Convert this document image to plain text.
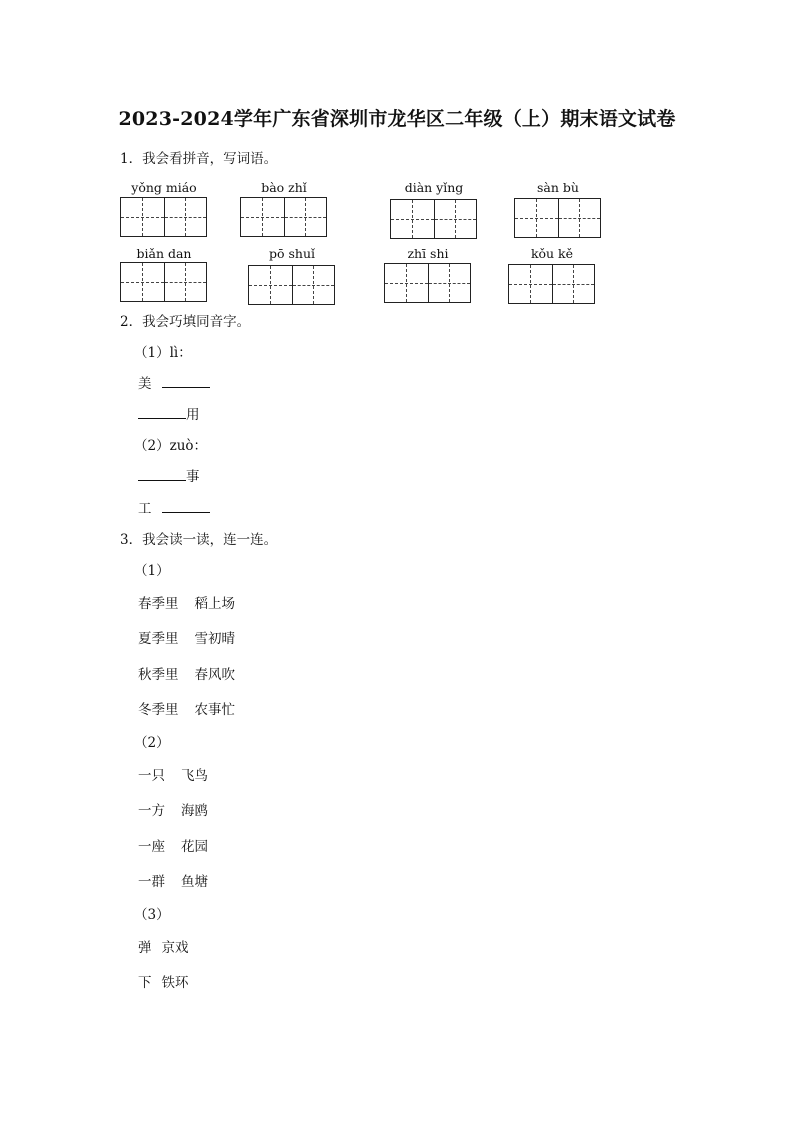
2023-2024学年广东省深圳市龙华区二年级（上）期末语文试卷
1．我会看拼音，写词语。
yǒng miáo	bào zhǐ	diàn yǐng	sàn bù
biǎn dan	pō shuǐ	zhī shi	kǒu kě
2．我会巧填同音字。
（1）lì：
美
用
（2）zuò：
事
工
3．我会读一读，连一连。
（1）
春季里 稻上场
夏季里 雪初晴
秋季里 春风吹
冬季里 农事忙
（2）
一只 飞鸟
一方 海鸥
一座 花园
一群 鱼塘
（3）
弹 京戏
下 铁环
